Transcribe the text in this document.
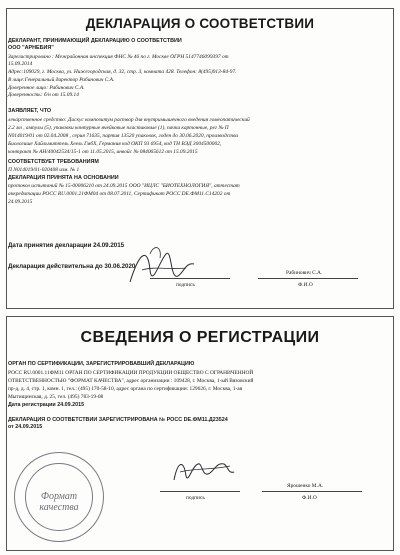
ДЕКЛАРАЦИЯ О СООТВЕТСТВИИ
ДЕКЛАРАНТ, ПРИНИМАЮЩИЙ ДЕКЛАРАЦИЮ О СООТВЕТСТВИИ
ООО "АРНЕБИЯ"
Зарегистрировано : Межрайонная инспекция ФНС № 46 по г. Москве ОГРН 5147746099397 от
15.09.2014
Адрес:109029, г. Москва, ул. Нижегородская, д. 32, стр. 3, комната 428. Телефон: 8(495)913-84-97.
В лице:Генеральный директор Рабинович С.А.
Доверенное лицо: Рабинович С.А.
Доверенность: б/н от 15.09.14
ЗАЯВЛЯЕТ, ЧТО
лекарственное средство: Дискус композитум раствор для внутримышечного введения гомеопатический
2.2 мл , ампулы (5), упаковки контурные ячейковые пластиковые (1), пачки картонные, рег № П
N014019/01 от 02.04.2008 , серия 71635, партия 13520 упаковок, годен до 30.06.2020, производства
Биологише Хайльмиттель Хеель ГмбХ, Германия код ОКП 93 6954, код ТН ВЭД 3004500002,
контракт № АН/40042534/15-1 от 11.05.2015, инвойс № 084065612 от 15.09.2015
СООТВЕТСТВУЕТ ТРЕБОВАНИЯМ
П N014019/01-020408 изм. № 1
ДЕКЛАРАЦИЯ ПРИНЯТА НА ОСНОВАНИИ
протокол испытаний № 15-00006210 от 24.09.2015 ООО "ИЦЛС "БИОТЕХНОЛОГИЯ", аттестат
аккредитации РОСС RU.0001.21ФМ04 от 08.07.2011, Сертификат РОСС DE.ФМ11.С14202 от
24.09.2015
Дата принятия декларации 24.09.2015
Декларация действительна до 30.06.2020
Рабинович С.А.
подпись	Ф.И.О
СВЕДЕНИЯ О РЕГИСТРАЦИИ
ОРГАН ПО СЕРТИФИКАЦИИ, ЗАРЕГИСТРИРОВАВШИЙ ДЕКЛАРАЦИЮ
РОСС RU.0001.11ФМ11 ОРГАН ПО СЕРТИФИКАЦИИ ПРОДУКЦИИ ОБЩЕСТВО С ОГРАНИЧЕННОЙ
ОТВЕТСТВЕННОСТЬЮ "ФОРМАТ КАЧЕСТВА", адрес организации : 109428, г. Москва, 1-ый Вязовский
пр-д, д. 4, стр. 1, комн. 1, тел.: (495) 170-58-10, адрес органа по сертификации: 129626, г. Москва, 1-ая
Мытищинская, д. 25, тел. (495) 783-19-08
Дата регистрации 24.09.2015
ДЕКЛАРАЦИЯ О СООТВЕТСТВИИ ЗАРЕГИСТРИРОВАНА № РОСС DE.ФМ11.Д23524
от 24.09.2015
Формат качества
Ярошенко М.А.
подпись	Ф.И.О
